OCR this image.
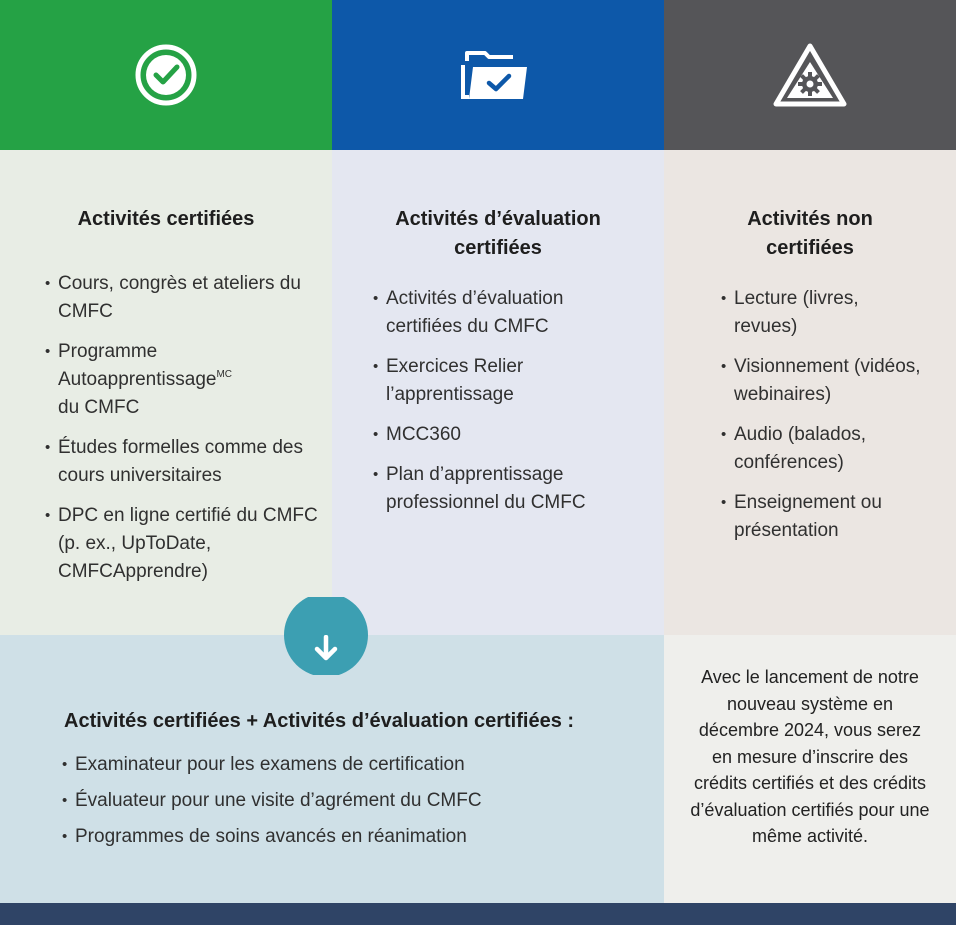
Activités certifiées
• Cours, congrès et ateliers du CMFC
• Programme Autoapprentissage$^{MC}$
du CMFC
• Études formelles comme des cours universitaires
• DPC en ligne certifié du CMFC (p. ex., UpToDate, CMFCApprendre)
Activités d’évaluation
certifiées
• Activités d’évaluation certifiées du CMFC
• Exercices Relier l’apprentissage
• MCC360
• Plan d’apprentissage professionnel du CMFC
Activités non
certifiées
• Lecture (livres, revues)
• Visionnement (vidéos, webinaires)
• Audio (balados, conférences)
• Enseignement ou présentation
Activités certifiées + Activités d’évaluation certifiées :
• Examinateur pour les examens de certification
• Évaluateur pour une visite d’agrément du CMFC
• Programmes de soins avancés en réanimation

Avec le lancement de notre nouveau système en décembre 2024, vous serez en mesure d’inscrire des crédits certifiés et des crédits d’évaluation certifiés pour une même activité.
